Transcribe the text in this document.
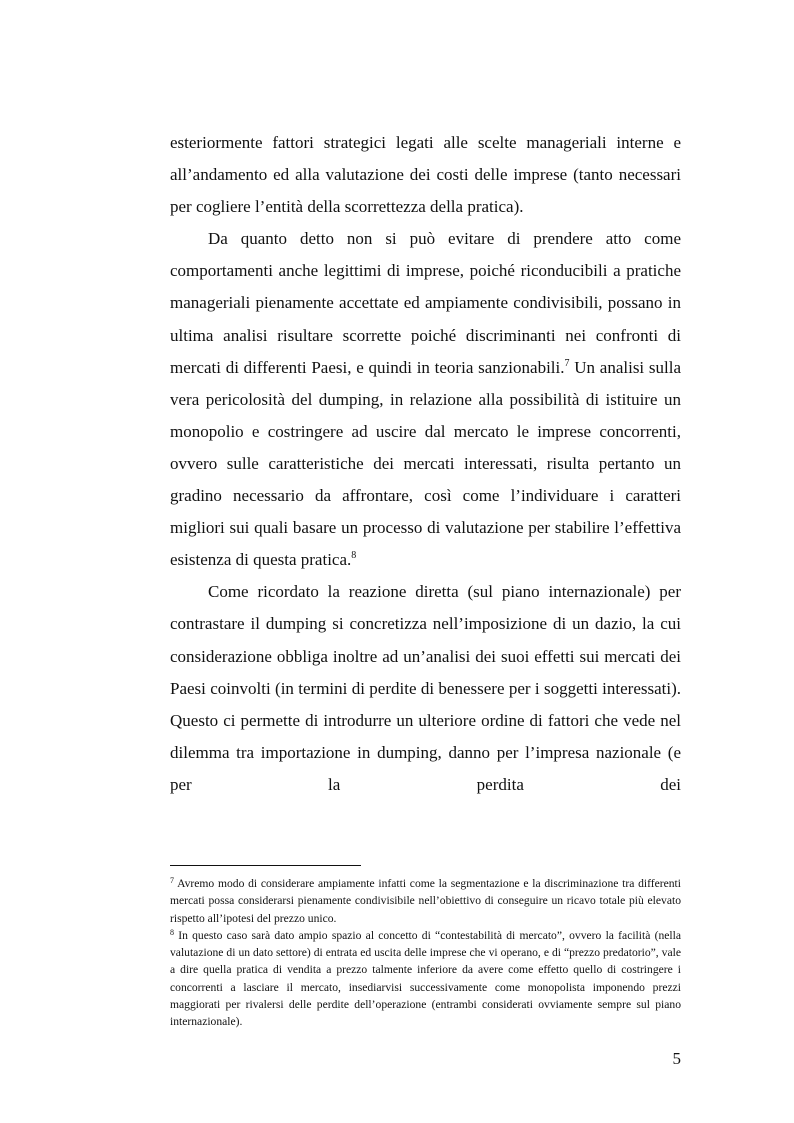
esteriormente fattori strategici legati alle scelte manageriali interne e all’andamento ed alla valutazione dei costi delle imprese (tanto necessari per cogliere l’entità della scorrettezza della pratica).

Da quanto detto non si può evitare di prendere atto come comportamenti anche legittimi di imprese, poiché riconducibili a pratiche manageriali pienamente accettate ed ampiamente condivisibili, possano in ultima analisi risultare scorrette poiché discriminanti nei confronti di mercati di differenti Paesi, e quindi in teoria sanzionabili.$^7$ Un analisi sulla vera pericolosità del dumping, in relazione alla possibilità di istituire un monopolio e costringere ad uscire dal mercato le imprese concorrenti, ovvero sulle caratteristiche dei mercati interessati, risulta pertanto un gradino necessario da affrontare, così come l’individuare i caratteri migliori sui quali basare un processo di valutazione per stabilire l’effettiva esistenza di questa pratica.$^8$

Come ricordato la reazione diretta (sul piano internazionale) per contrastare il dumping si concretizza nell’imposizione di un dazio, la cui considerazione obbliga inoltre ad un’analisi dei suoi effetti sui mercati dei Paesi coinvolti (in termini di perdite di benessere per i soggetti interessati). Questo ci permette di introdurre un ulteriore ordine di fattori che vede nel dilemma tra importazione in dumping, danno per l’impresa nazionale (e per la perdita dei

$^7$ Avremo modo di considerare ampiamente infatti come la segmentazione e la discriminazione tra differenti mercati possa considerarsi pienamente condivisibile nell’obiettivo di conseguire un ricavo totale più elevato rispetto all’ipotesi del prezzo unico.

$^8$ In questo caso sarà dato ampio spazio al concetto di “contestabilità di mercato”, ovvero la facilità (nella valutazione di un dato settore) di entrata ed uscita delle imprese che vi operano, e di “prezzo predatorio”, vale a dire quella pratica di vendita a prezzo talmente inferiore da avere come effetto quello di costringere i concorrenti a lasciare il mercato, insediarvisi successivamente come monopolista imponendo prezzi maggiorati per rivalersi delle perdite dell’operazione (entrambi considerati ovviamente sempre sul piano internazionale).

5
